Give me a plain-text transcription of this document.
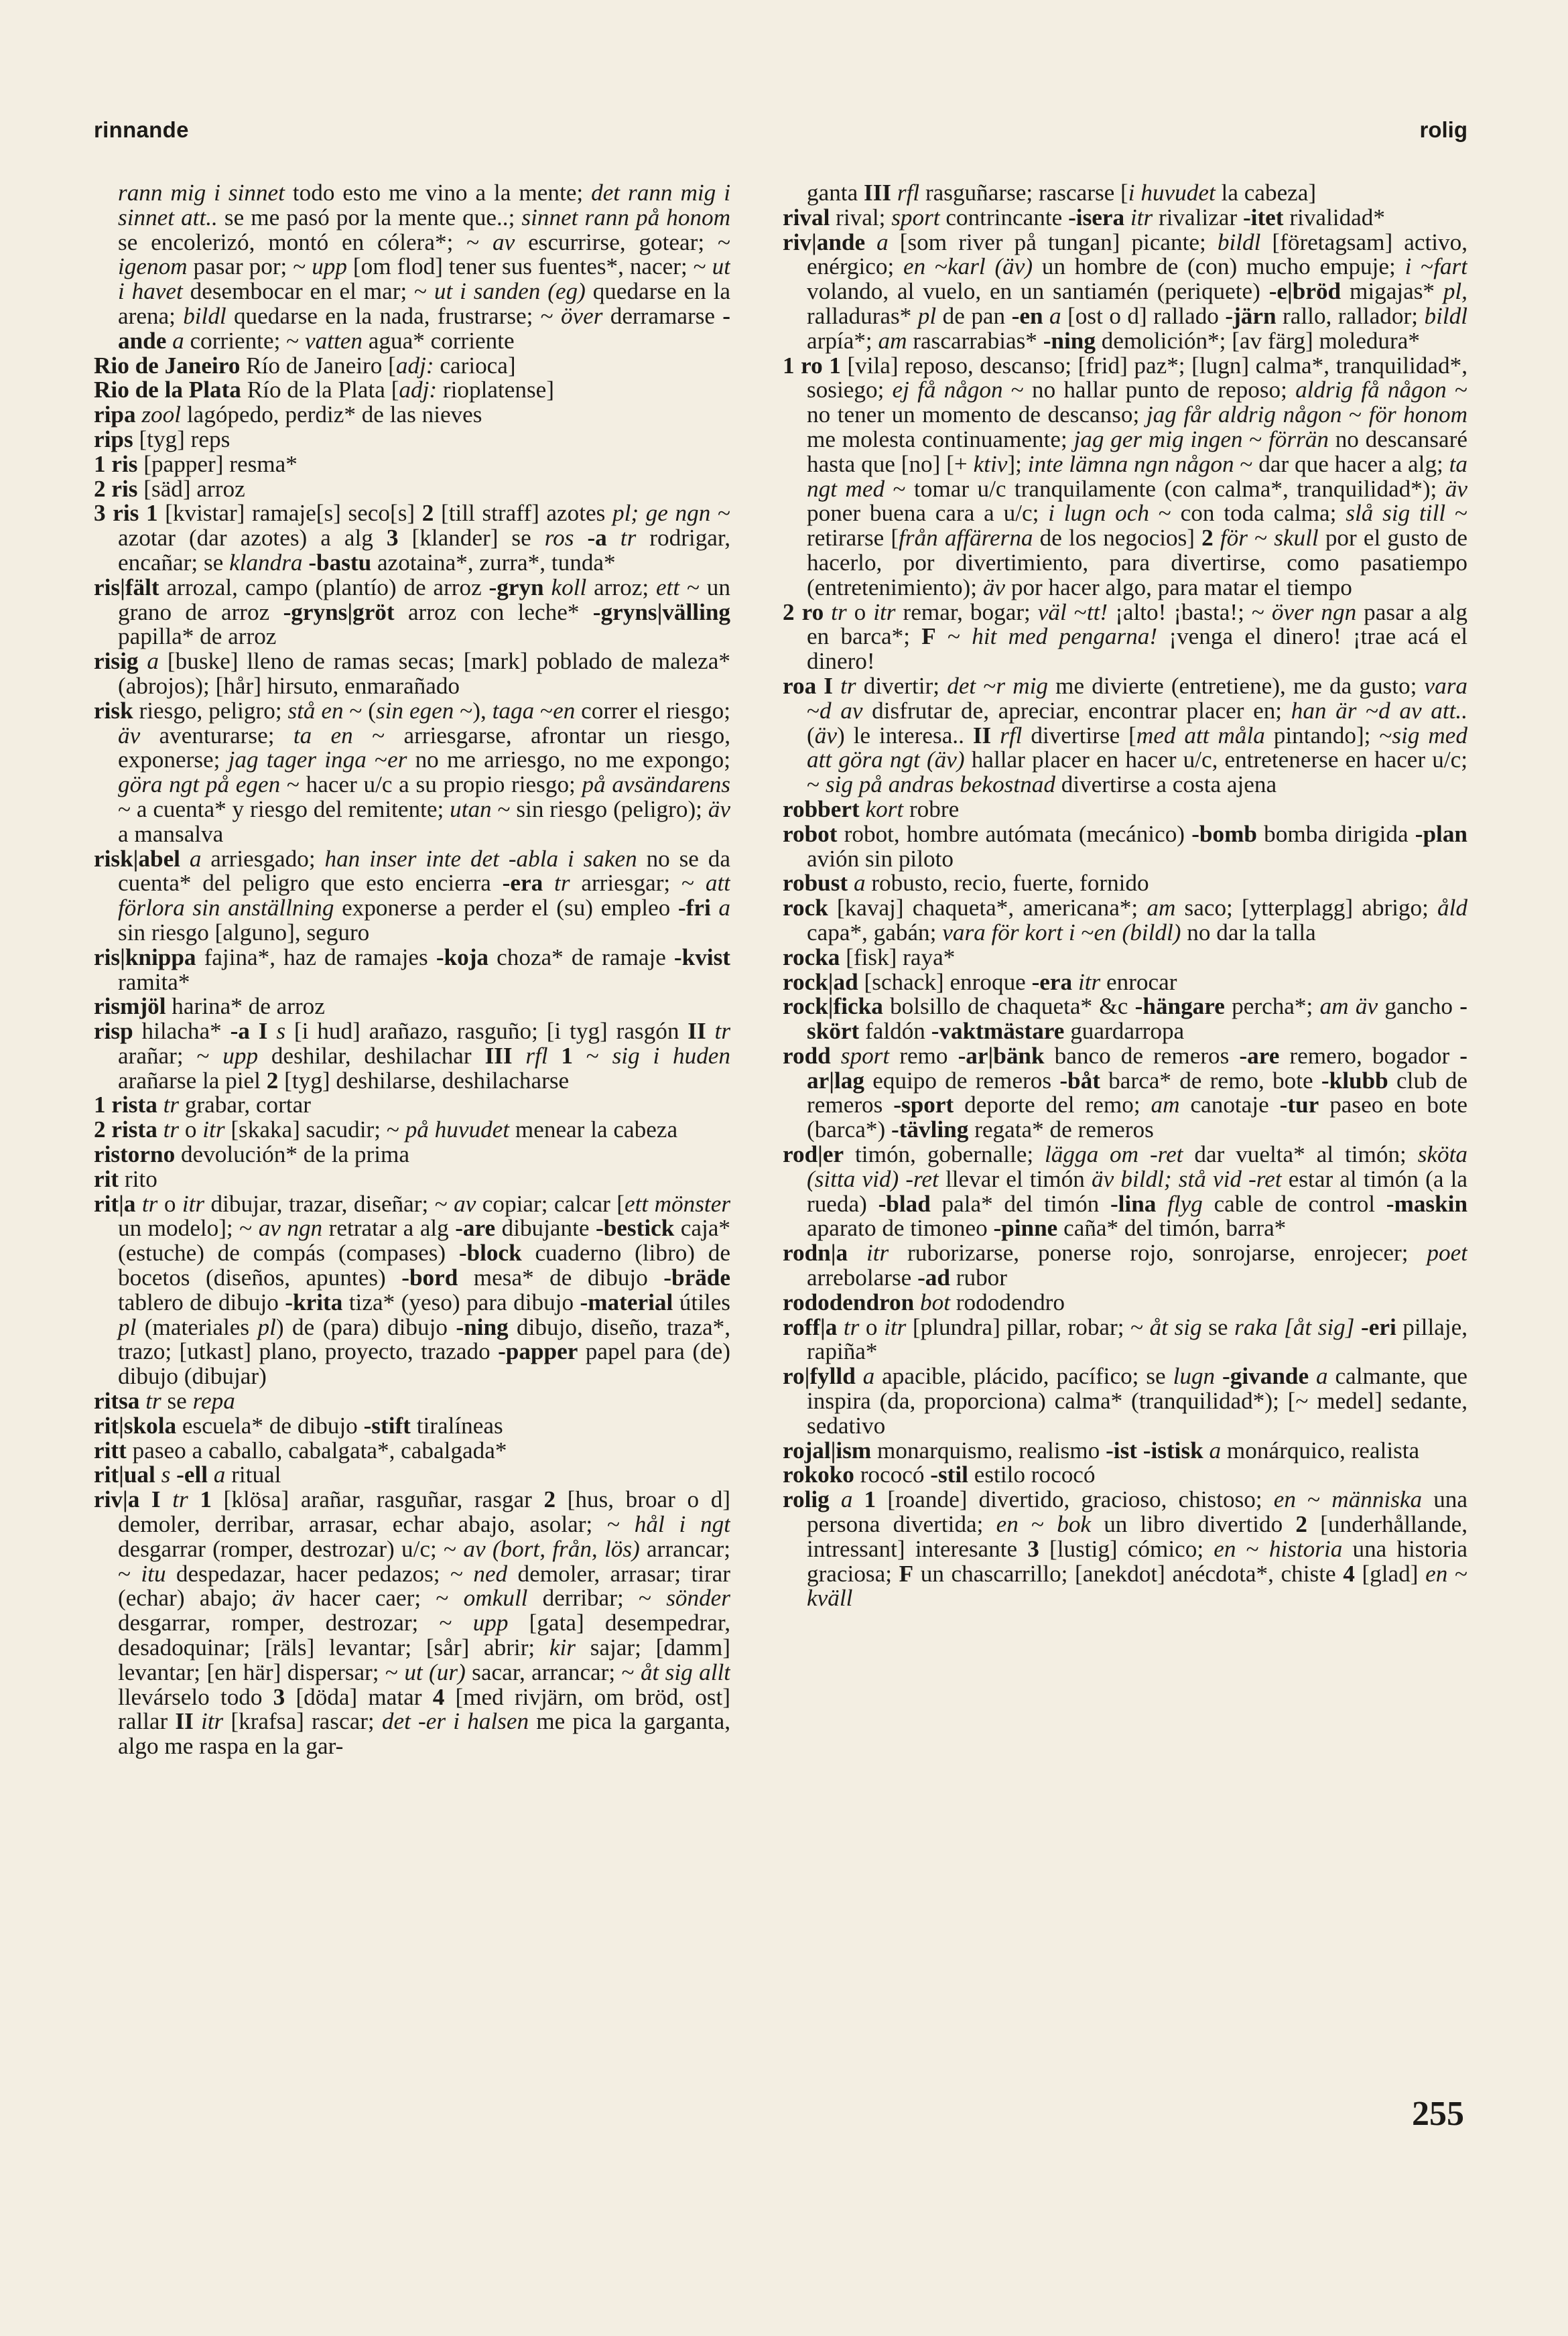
rinnande	rolig

rann mig i sinnet todo esto me vino a la mente; det rann mig i sinnet att.. se me pasó por la mente que..; sinnet rann på honom se encolerizó, montó en cólera*; ~ av escurrirse, gotear; ~ igenom pasar por; ~ upp [om flod] tener sus fuentes*, nacer; ~ ut i havet desembocar en el mar; ~ ut i sanden (eg) quedarse en la arena; bildl quedarse en la nada, frustrarse; ~ över derramarse -ande a corriente; ~ vatten agua* corriente

Rio de Janeiro Río de Janeiro [adj: carioca]

Rio de la Plata Río de la Plata [adj: rioplatense]

ripa zool lagópedo, perdiz* de las nieves

rips [tyg] reps

1 ris [papper] resma*

2 ris [säd] arroz

3 ris 1 [kvistar] ramaje[s] seco[s] 2 [till straff] azotes pl; ge ngn ~ azotar (dar azotes) a alg 3 [klander] se ros -a tr rodrigar, encañar; se klandra -bastu azotaina*, zurra*, tunda*

ris|fält arrozal, campo (plantío) de arroz -gryn koll arroz; ett ~ un grano de arroz -gryns|gröt arroz con leche* -gryns|välling papilla* de arroz

risig a [buske] lleno de ramas secas; [mark] poblado de maleza* (abrojos); [hår] hirsuto, enmarañado

risk riesgo, peligro; stå en ~ (sin egen ~), taga ~en correr el riesgo; äv aventurarse; ta en ~ arriesgarse, afrontar un riesgo, exponerse; jag tager inga ~er no me arriesgo, no me expongo; göra ngt på egen ~ hacer u/c a su propio riesgo; på avsändarens ~ a cuenta* y riesgo del remitente; utan ~ sin riesgo (peligro); äv a mansalva

risk|abel a arriesgado; han inser inte det -abla i saken no se da cuenta* del peligro que esto encierra -era tr arriesgar; ~ att förlora sin anställning exponerse a perder el (su) empleo -fri a sin riesgo [alguno], seguro

ris|knippa fajina*, haz de ramajes -koja choza* de ramaje -kvist ramita*

rismjöl harina* de arroz

risp hilacha* -a I s [i hud] arañazo, rasguño; [i tyg] rasgón II tr arañar; ~ upp deshilar, deshilachar III rfl 1 ~ sig i huden arañarse la piel 2 [tyg] deshilarse, deshilacharse

1 rista tr grabar, cortar

2 rista tr o itr [skaka] sacudir; ~ på huvudet menear la cabeza

ristorno devolución* de la prima

rit rito

rit|a tr o itr dibujar, trazar, diseñar; ~ av copiar; calcar [ett mönster un modelo]; ~ av ngn retratar a alg -are dibujante -bestick caja* (estuche) de compás (compases) -block cuaderno (libro) de bocetos (diseños, apuntes) -bord mesa* de dibujo -bräde tablero de dibujo -krita tiza* (yeso) para dibujo -material útiles pl (materiales pl) de (para) dibujo -ning dibujo, diseño, traza*, trazo; [utkast] plano, proyecto, trazado -papper papel para (de) dibujo (dibujar)

ritsa tr se repa

rit|skola escuela* de dibujo -stift tiralíneas

ritt paseo a caballo, cabalgata*, cabalgada*

rit|ual s -ell a ritual

riv|a I tr 1 [klösa] arañar, rasguñar, rasgar 2 [hus, broar o d] demoler, derribar, arrasar, echar abajo, asolar; ~ hål i ngt desgarrar (romper, destrozar) u/c; ~ av (bort, från, lös) arrancar; ~ itu despedazar, hacer pedazos; ~ ned demoler, arrasar; tirar (echar) abajo; äv hacer caer; ~ omkull derribar; ~ sönder desgarrar, romper, destrozar; ~ upp [gata] desempedrar, desadoquinar; [räls] levantar; [sår] abrir; kir sajar; [damm] levantar; [en här] dispersar; ~ ut (ur) sacar, arrancar; ~ åt sig allt llevárselo todo 3 [döda] matar 4 [med rivjärn, om bröd, ost] rallar II itr [krafsa] rascar; det -er i halsen me pica la garganta, algo me raspa en la gar-

ganta III rfl rasguñarse; rascarse [i huvudet la cabeza]

rival rival; sport contrincante -isera itr rivalizar -itet rivalidad*

riv|ande a [som river på tungan] picante; bildl [företagsam] activo, enérgico; en ~karl (äv) un hombre de (con) mucho empuje; i ~fart volando, al vuelo, en un santiamén (periquete) -e|bröd migajas* pl, ralladuras* pl de pan -en a [ost o d] rallado -järn rallo, rallador; bildl arpía*; am rascarrabias* -ning demolición*; [av färg] moledura*

1 ro 1 [vila] reposo, descanso; [frid] paz*; [lugn] calma*, tranquilidad*, sosiego; ej få någon ~ no hallar punto de reposo; aldrig få någon ~ no tener un momento de descanso; jag får aldrig någon ~ för honom me molesta continuamente; jag ger mig ingen ~ förrän no descansaré hasta que [no] [+ ktiv]; inte lämna ngn någon ~ dar que hacer a alg; ta ngt med ~ tomar u/c tranquilamente (con calma*, tranquilidad*); äv poner buena cara a u/c; i lugn och ~ con toda calma; slå sig till ~ retirarse [från affärerna de los negocios] 2 för ~ skull por el gusto de hacerlo, por divertimiento, para divertirse, como pasatiempo (entretenimiento); äv por hacer algo, para matar el tiempo

2 ro tr o itr remar, bogar; väl ~tt! ¡alto! ¡basta!; ~ över ngn pasar a alg en barca*; F ~ hit med pengarna! ¡venga el dinero! ¡trae acá el dinero!

roa I tr divertir; det ~r mig me divierte (entretiene), me da gusto; vara ~d av disfrutar de, apreciar, encontrar placer en; han är ~d av att.. (äv) le interesa.. II rfl divertirse [med att måla pintando]; ~sig med att göra ngt (äv) hallar placer en hacer u/c, entretenerse en hacer u/c; ~ sig på andras bekostnad divertirse a costa ajena

robbert kort robre

robot robot, hombre autómata (mecánico) -bomb bomba dirigida -plan avión sin piloto

robust a robusto, recio, fuerte, fornido

rock [kavaj] chaqueta*, americana*; am saco; [ytterplagg] abrigo; åld capa*, gabán; vara för kort i ~en (bildl) no dar la talla

rocka [fisk] raya*

rock|ad [schack] enroque -era itr enrocar

rock|ficka bolsillo de chaqueta* &c -hängare percha*; am äv gancho -skört faldón -vaktmästare guardarropa

rodd sport remo -ar|bänk banco de remeros -are remero, bogador -ar|lag equipo de remeros -båt barca* de remo, bote -klubb club de remeros -sport deporte del remo; am canotaje -tur paseo en bote (barca*) -tävling regata* de remeros

rod|er timón, gobernalle; lägga om -ret dar vuelta* al timón; sköta (sitta vid) -ret llevar el timón äv bildl; stå vid -ret estar al timón (a la rueda) -blad pala* del timón -lina flyg cable de control -maskin aparato de timoneo -pinne caña* del timón, barra*

rodn|a itr ruborizarse, ponerse rojo, sonrojarse, enrojecer; poet arrebolarse -ad rubor

rododendron bot rododendro

roff|a tr o itr [plundra] pillar, robar; ~ åt sig se raka [åt sig] -eri pillaje, rapiña*

ro|fylld a apacible, plácido, pacífico; se lugn -givande a calmante, que inspira (da, proporciona) calma* (tranquilidad*); [~ medel] sedante, sedativo

rojal|ism monarquismo, realismo -ist -istisk a monárquico, realista

rokoko rococó -stil estilo rococó

rolig a 1 [roande] divertido, gracioso, chistoso; en ~ människa una persona divertida; en ~ bok un libro divertido 2 [underhållande, intressant] interesante 3 [lustig] cómico; en ~ historia una historia graciosa; F un chascarrillo; [anekdot] anécdota*, chiste 4 [glad] en ~ kväll

255
